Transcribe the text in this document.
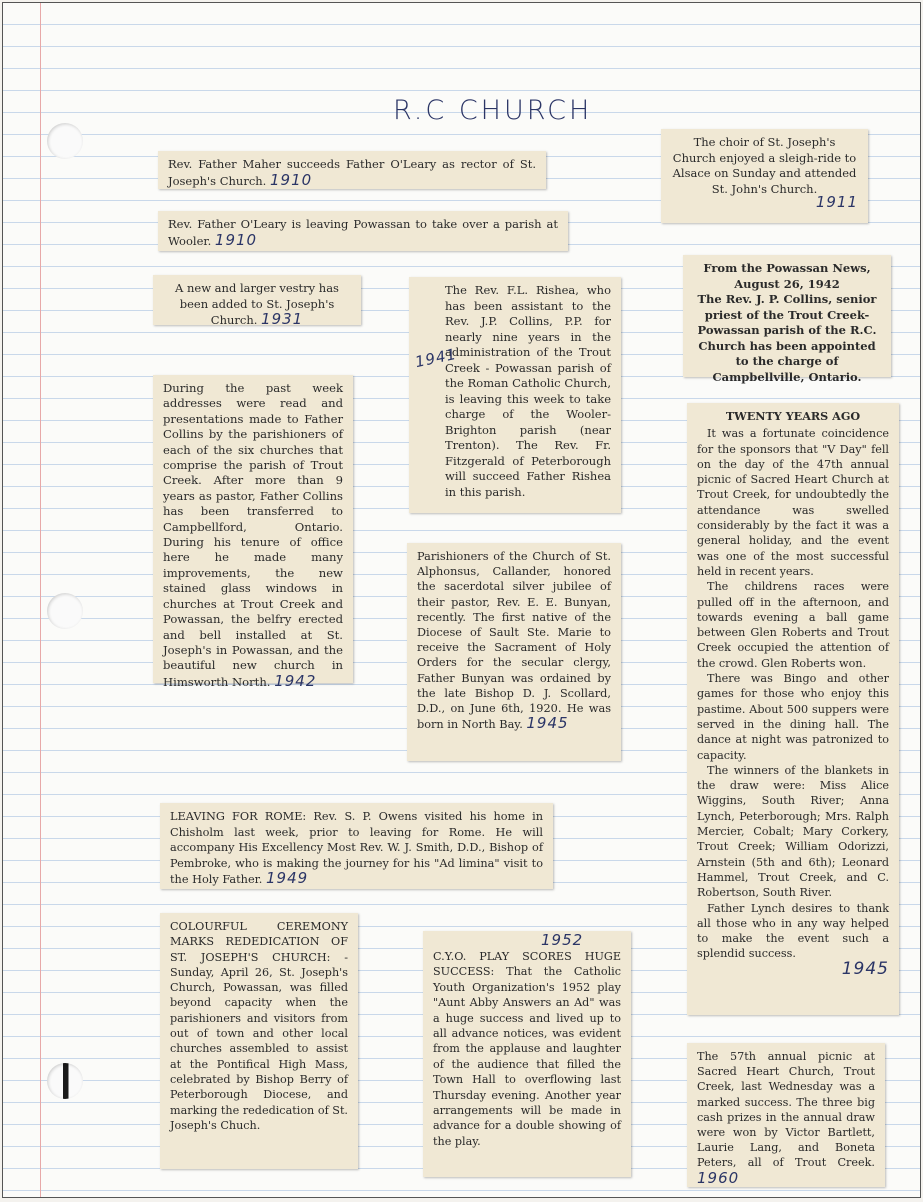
R.C CHURCH
Rev. Father Maher succeeds Father O'Leary as rector of St. Joseph's Church. 1910
Rev. Father O'Leary is leaving Powassan to take over a parish at Wooler. 1910
The choir of St. Joseph's Church enjoyed a sleigh-ride to Alsace on Sunday and attended St. John's Church.
1911
A new and larger vestry has been added to St. Joseph's Church. 1931
The Rev. F.L. Rishea, who has been assistant to the Rev. J.P. Collins, P.P. for nearly nine years in the administration of the Trout Creek - Powassan parish of the Roman Catholic Church, is leaving this week to take charge of the Wooler-Brighton parish (near Trenton). The Rev. Fr. Fitzgerald of Peterborough will succeed Father Rishea in this parish.
1941
From the Powassan News, August 26, 1942
The Rev. J. P. Collins, senior priest of the Trout Creek-Powassan parish of the R.C. Church has been appointed to the charge of Campbellville, Ontario.
During the past week addresses were read and presentations made to Father Collins by the parishioners of each of the six churches that comprise the parish of Trout Creek. After more than 9 years as pastor, Father Collins has been transferred to Campbellford, Ontario. During his tenure of office here he made many improvements, the new stained glass windows in churches at Trout Creek and Powassan, the belfry erected and bell installed at St. Joseph's in Powassan, and the beautiful new church in Himsworth North. 1942
TWENTY YEARS AGO
It was a fortunate coincidence for the sponsors that "V Day" fell on the day of the 47th annual picnic of Sacred Heart Church at Trout Creek, for undoubtedly the attendance was swelled considerably by the fact it was a general holiday, and the event was one of the most successful held in recent years.
The childrens races were pulled off in the afternoon, and towards evening a ball game between Glen Roberts and Trout Creek occupied the attention of the crowd. Glen Roberts won.
There was Bingo and other games for those who enjoy this pastime. About 500 suppers were served in the dining hall. The dance at night was patronized to capacity.
The winners of the blankets in the draw were: Miss Alice Wiggins, South River; Anna Lynch, Peterborough; Mrs. Ralph Mercier, Cobalt; Mary Corkery, Trout Creek; William Odorizzi, Arnstein (5th and 6th); Leonard Hammel, Trout Creek, and C. Robertson, South River.
Father Lynch desires to thank all those who in any way helped to make the event such a splendid success.
1945
Parishioners of the Church of St. Alphonsus, Callander, honored the sacerdotal silver jubilee of their pastor, Rev. E. E. Bunyan, recently. The first native of the Diocese of Sault Ste. Marie to receive the Sacrament of Holy Orders for the secular clergy, Father Bunyan was ordained by the late Bishop D. J. Scollard, D.D., on June 6th, 1920. He was born in North Bay. 1945
LEAVING FOR ROME: Rev. S. P. Owens visited his home in Chisholm last week, prior to leaving for Rome. He will accompany His Excellency Most Rev. W. J. Smith, D.D., Bishop of Pembroke, who is making the journey for his "Ad limina" visit to the Holy Father. 1949
COLOURFUL CEREMONY MARKS REDEDICATION OF ST. JOSEPH'S CHURCH: - Sunday, April 26, St. Joseph's Church, Powassan, was filled beyond capacity when the parishioners and visitors from out of town and other local churches assembled to assist at the Pontifical High Mass, celebrated by Bishop Berry of Peterborough Diocese, and marking the rededication of St. Joseph's Chuch.
1952
C.Y.O. PLAY SCORES HUGE SUCCESS: That the Catholic Youth Organization's 1952 play "Aunt Abby Answers an Ad" was a huge success and lived up to all advance notices, was evident from the applause and laughter of the audience that filled the Town Hall to overflowing last Thursday evening. Another year arrangements will be made in advance for a double showing of the play.
The 57th annual picnic at Sacred Heart Church, Trout Creek, last Wednesday was a marked success. The three big cash prizes in the annual draw were won by Victor Bartlett, Laurie Lang, and Boneta Peters, all of Trout Creek. 1960
